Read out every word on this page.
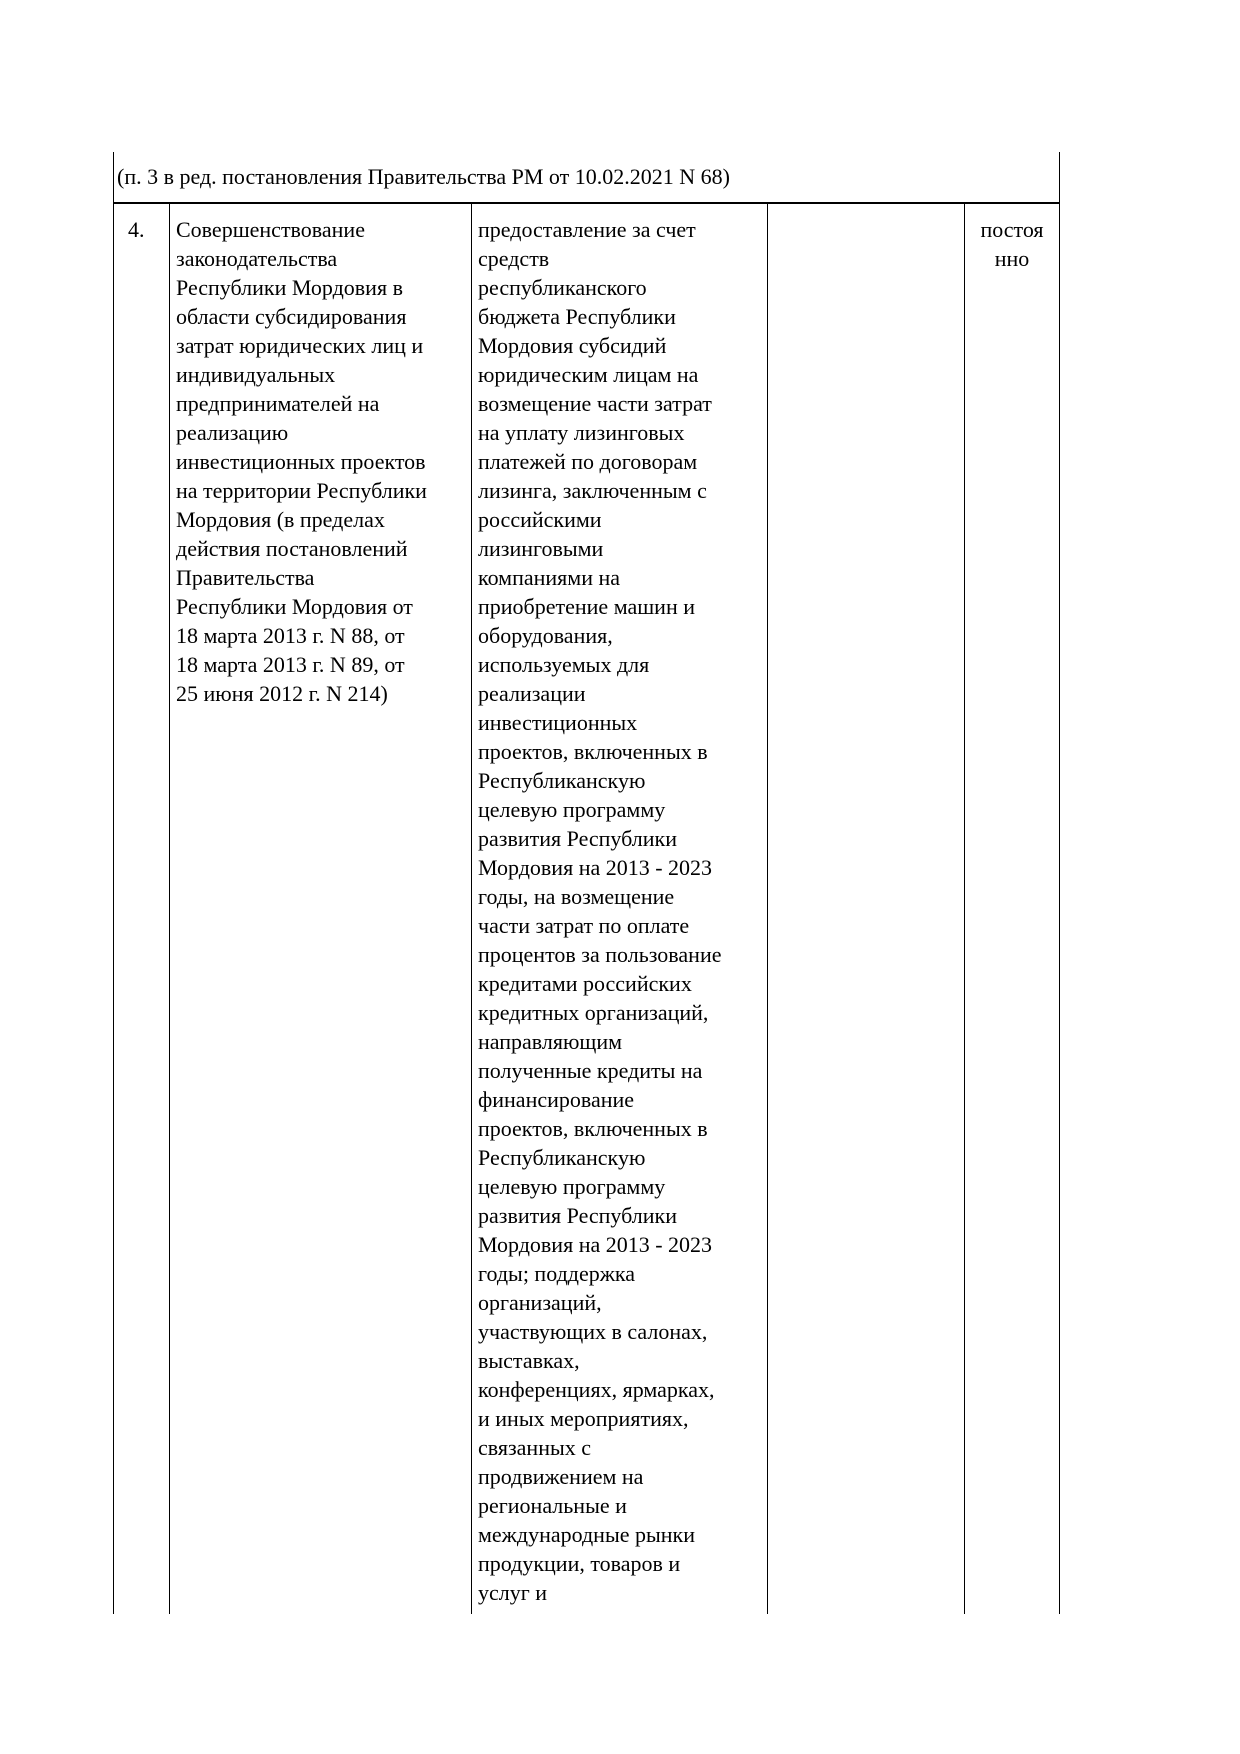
(п. 3 в ред. постановления Правительства РМ от 10.02.2021 N 68)
4. Совершенствование
законодательства
Республики Мордовия в
области субсидирования
затрат юридических лиц и
индивидуальных
предпринимателей на
реализацию
инвестиционных проектов
на территории Республики
Мордовия (в пределах
действия постановлений
Правительства
Республики Мордовия от
18 марта 2013 г. N 88, от
18 марта 2013 г. N 89, от
25 июня 2012 г. N 214)
предоставление за счет
средств
республиканского
бюджета Республики
Мордовия субсидий
юридическим лицам на
возмещение части затрат
на уплату лизинговых
платежей по договорам
лизинга, заключенным с
российскими
лизинговыми
компаниями на
приобретение машин и
оборудования,
используемых для
реализации
инвестиционных
проектов, включенных в
Республиканскую
целевую программу
развития Республики
Мордовия на 2013 - 2023
годы, на возмещение
части затрат по оплате
процентов за пользование
кредитами российских
кредитных организаций,
направляющим
полученные кредиты на
финансирование
проектов, включенных в
Республиканскую
целевую программу
развития Республики
Мордовия на 2013 - 2023
годы; поддержка
организаций,
участвующих в салонах,
выставках,
конференциях, ярмарках,
и иных мероприятиях,
связанных с
продвижением на
региональные и
международные рынки
продукции, товаров и
услуг и
постоя
нно
